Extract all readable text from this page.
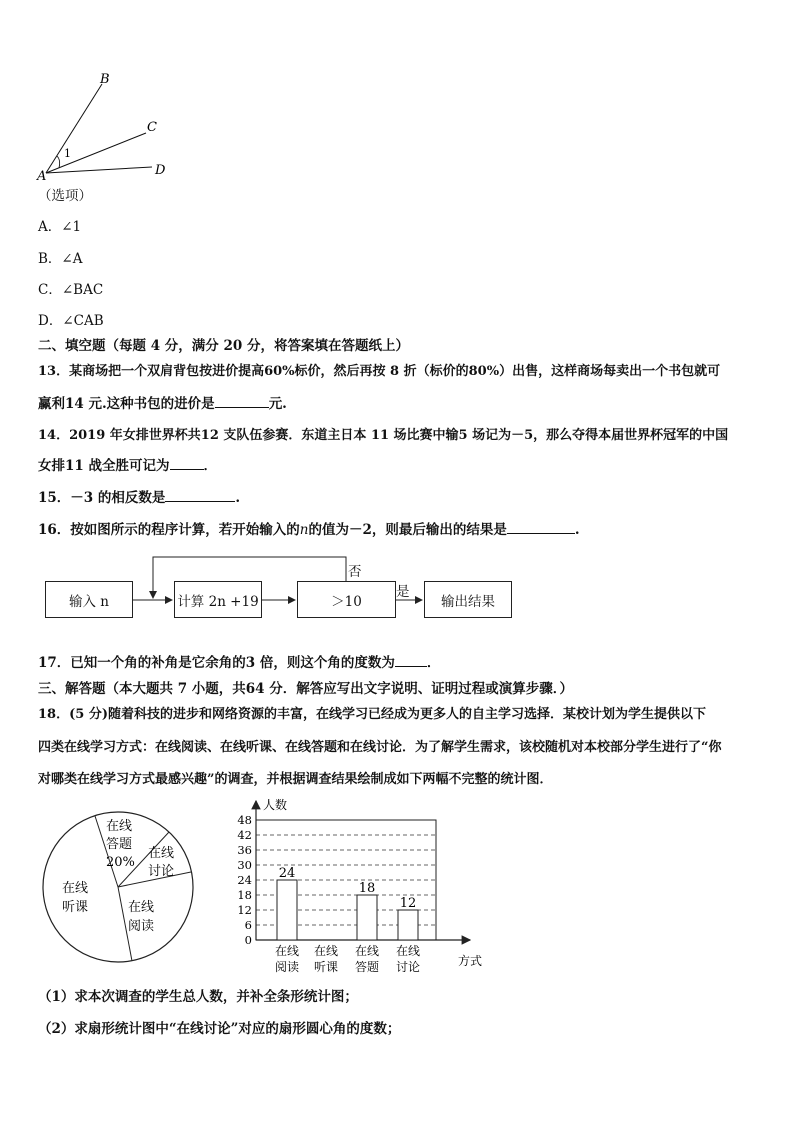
B
C
D
A
1
（选项）
A．∠1
B．∠A
C．∠BAC
D．∠CAB
二、填空题（每题 4 分，满分 20 分，将答案填在答题纸上）
13．某商场把一个双肩背包按进价提高60%标价，然后再按 8 折（标价的80%）出售，这样商场每卖出一个书包就可
赢利14 元.这种书包的进价是	元.
14．2019 年女排世界杯共12 支队伍参赛．东道主日本 11 场比赛中输5 场记为－5，那么夺得本届世界杯冠军的中国
女排11 战全胜可记为	．
15．－3 的相反数是	.
16．按如图所示的程序计算，若开始输入的n的值为－2，则最后输出的结果是	.
输入 n	计算 2n +19	＞10	输出结果
否
是
17．已知一个角的补角是它余角的3 倍，则这个角的度数为 ．
三、解答题（本大题共 7 小题，共64 分．解答应写出文字说明、证明过程或演算步骤．）
18．(5 分)随着科技的进步和网络资源的丰富，在线学习已经成为更多人的自主学习选择．某校计划为学生提供以下
四类在线学习方式：在线阅读、在线听课、在线答题和在线讨论．为了解学生需求，该校随机对本校部分学生进行了“你
对哪类在线学习方式最感兴趣”的调查，并根据调查结果绘制成如下两幅不完整的统计图．
在线
答题
20%
在线
讨论
在线
阅读
在线
听课
人数
方式
0
6
12
18
24
30
36
42
48
24
18
12
在线
阅读
在线
听课
在线
答题
在线
讨论
（1）求本次调查的学生总人数，并补全条形统计图；
（2）求扇形统计图中“在线讨论”对应的扇形圆心角的度数；
